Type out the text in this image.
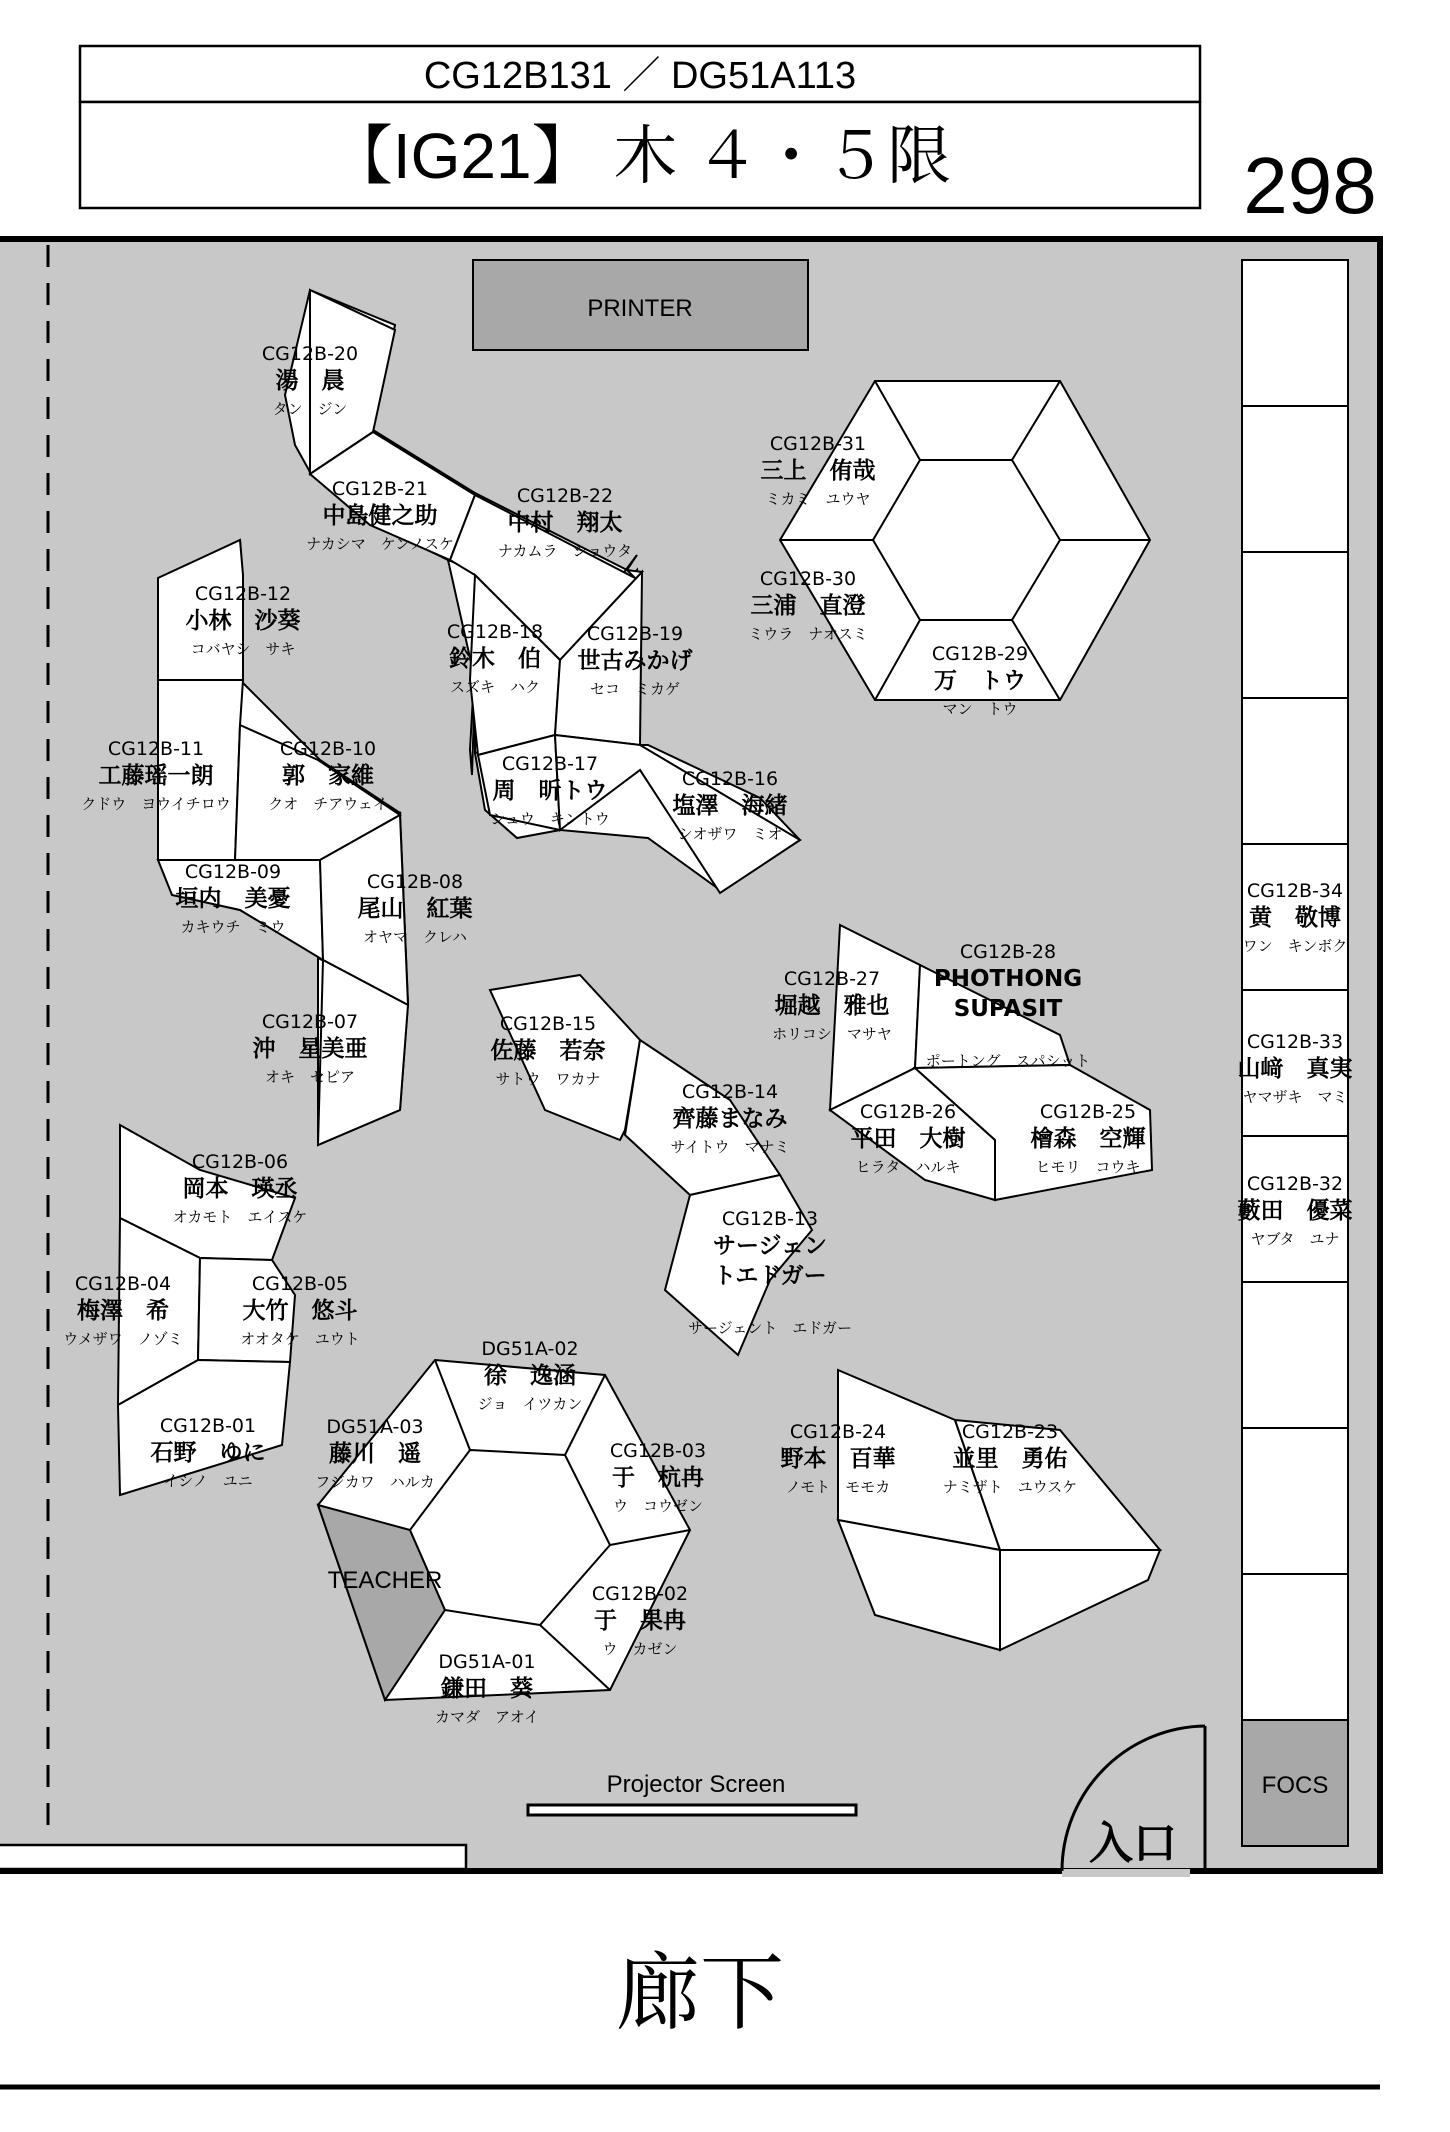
CG12B131 ／ DG51A113
【IG21】 木 ４・５限	298
PRINTER
FOCS
入口
Projector Screen
廊下
TEACHER
CG12B-20
湯　晨
タン　ジン
CG12B-21
中島健之助
ナカシマ　ケンノスケ
CG12B-22
中村　翔太
ナカムラ　ショウタ
CG12B-12
小林　沙葵
コバヤシ　サキ
CG12B-18
鈴木　伯
スズキ　ハク
CG12B-19
世古みかげ
セコ　ミカゲ
CG12B-11
工藤瑶一朗
クドウ　ヨウイチロウ
CG12B-10
郭　家維
クオ　チアウェイ
CG12B-17
周　昕トウ
シュウ　キントウ
CG12B-16
塩澤　海緒
シオザワ　ミオ
CG12B-09
垣内　美憂
カキウチ　ミウ
CG12B-08
尾山　紅葉
オヤマ　クレハ
CG12B-07
沖　星美亜
オキ　セピア
CG12B-15
佐藤　若奈
サトウ　ワカナ
CG12B-14
齊藤まなみ
サイトウ　マナミ
CG12B-13
サージェン
トエドガー
サージェント　エドガー
CG12B-06
岡本　瑛丞
オカモト　エイスケ
CG12B-04
梅澤　希
ウメザワ　ノゾミ
CG12B-05
大竹　悠斗
オオタケ　ユウト
CG12B-01
石野　ゆに
イシノ　ユニ
DG51A-02
徐　逸涵
ジョ　イツカン
DG51A-03
藤川　遥
フジカワ　ハルカ
CG12B-03
于　杭冉
ウ　コウゼン
CG12B-02
于　果冉
ウ　カゼン
DG51A-01
鎌田　葵
カマダ　アオイ
CG12B-31
三上　侑哉
ミカミ　ユウヤ
CG12B-30
三浦　直澄
ミウラ　ナオスミ
CG12B-29
万　トウ
マン　トウ
CG12B-27
堀越　雅也
ホリコシ　マサヤ
CG12B-28
PHOTHONG
SUPASIT
ポートング　スパシット
CG12B-26
平田　大樹
ヒラタ　ハルキ
CG12B-25
檜森　空輝
ヒモリ　コウキ
CG12B-24
野本　百華
ノモト　モモカ
CG12B-23
並里　勇佑
ナミザト　ユウスケ
CG12B-34
黄　敬博
ワン　キンボク
CG12B-33
山﨑　真実
ヤマザキ　マミ
CG12B-32
藪田　優菜
ヤブタ　ユナ
